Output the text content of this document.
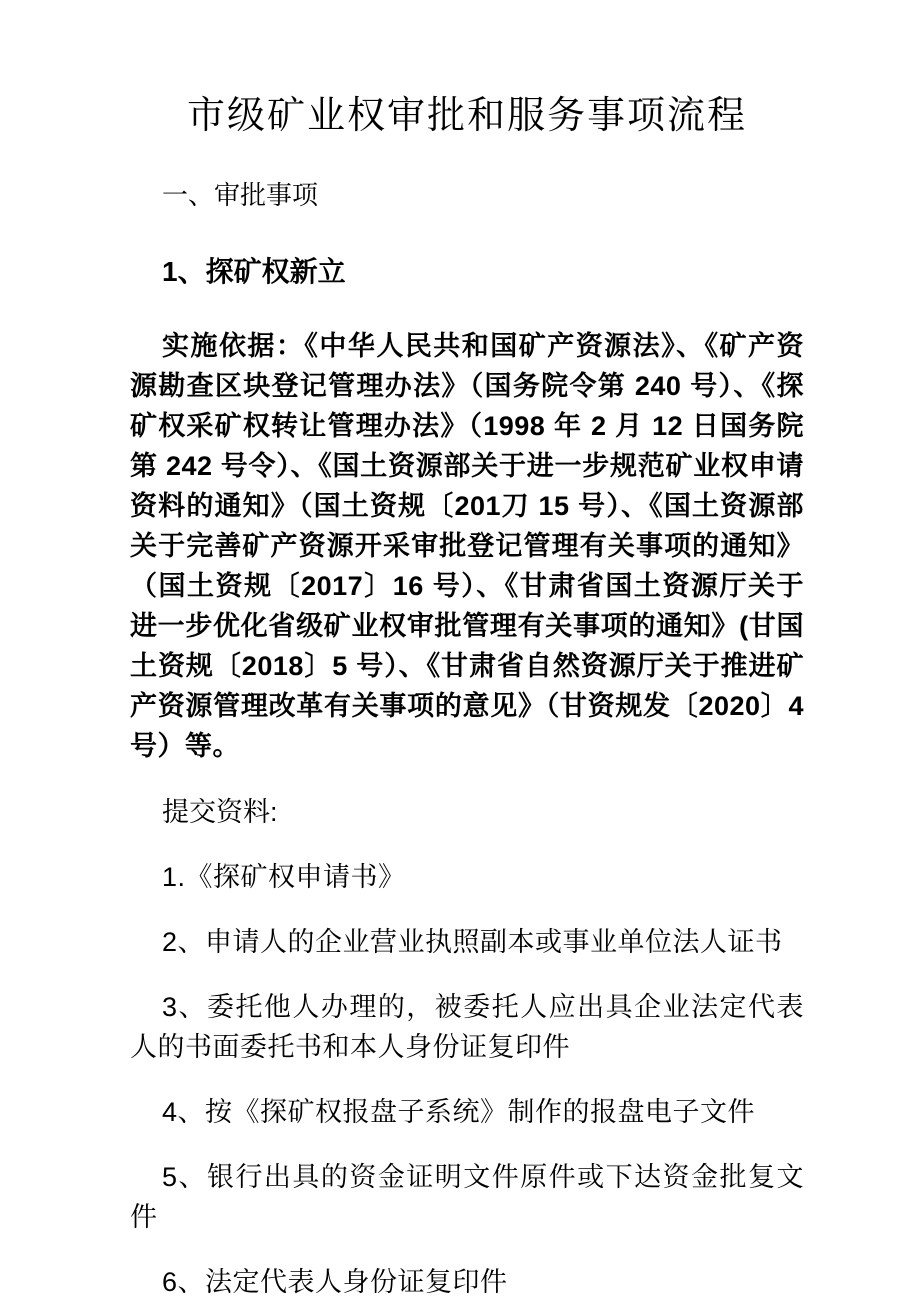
市级矿业权审批和服务事项流程
一、审批事项
1、探矿权新立

实施依据：《中华人民共和国矿产资源法》、《矿产资源勘查区块登记管理办法》（国务院令第 240 号）、《探矿权采矿权转让管理办法》（1998 年 2 月 12 日国务院第 242 号令）、《国土资源部关于进一步规范矿业权申请资料的通知》（国土资规〔201刀 15 号）、《国土资源部关于完善矿产资源开采审批登记管理有关事项的通知》（国土资规〔2017〕16 号）、《甘肃省国土资源厅关于进一步优化省级矿业权审批管理有关事项的通知》(甘国土资规〔2018〕5 号）、《甘肃省自然资源厅关于推进矿产资源管理改革有关事项的意见》（甘资规发〔2020〕4 号）等。

提交资料:

1.《探矿权申请书》

2、申请人的企业营业执照副本或事业单位法人证书

3、委托他人办理的，被委托人应出具企业法定代表人的书面委托书和本人身份证复印件

4、按《探矿权报盘子系统》制作的报盘电子文件

5、银行出具的资金证明文件原件或下达资金批复文件

6、法定代表人身份证复印件
